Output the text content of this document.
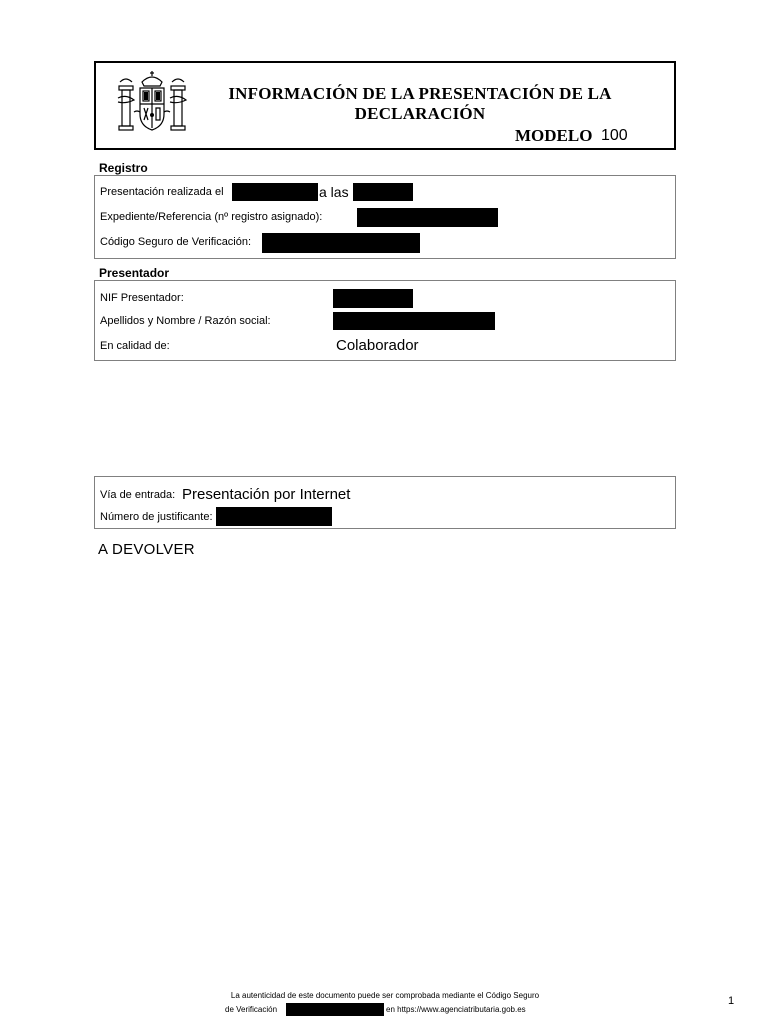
INFORMACIÓN DE LA PRESENTACIÓN DE LA
DECLARACIÓN
MODELO 100
Registro
Presentación realizada el	a las
Expediente/Referencia (nº registro asignado):
Código Seguro de Verificación:
Presentador
NIF Presentador:
Apellidos y Nombre / Razón social:
En calidad de:	Colaborador
Vía de entrada: Presentación por Internet
Número de justificante:
A DEVOLVER
La autenticidad de este documento puede ser comprobada mediante el Código Seguro
de Verificación	en https://www.agenciatributaria.gob.es
1
